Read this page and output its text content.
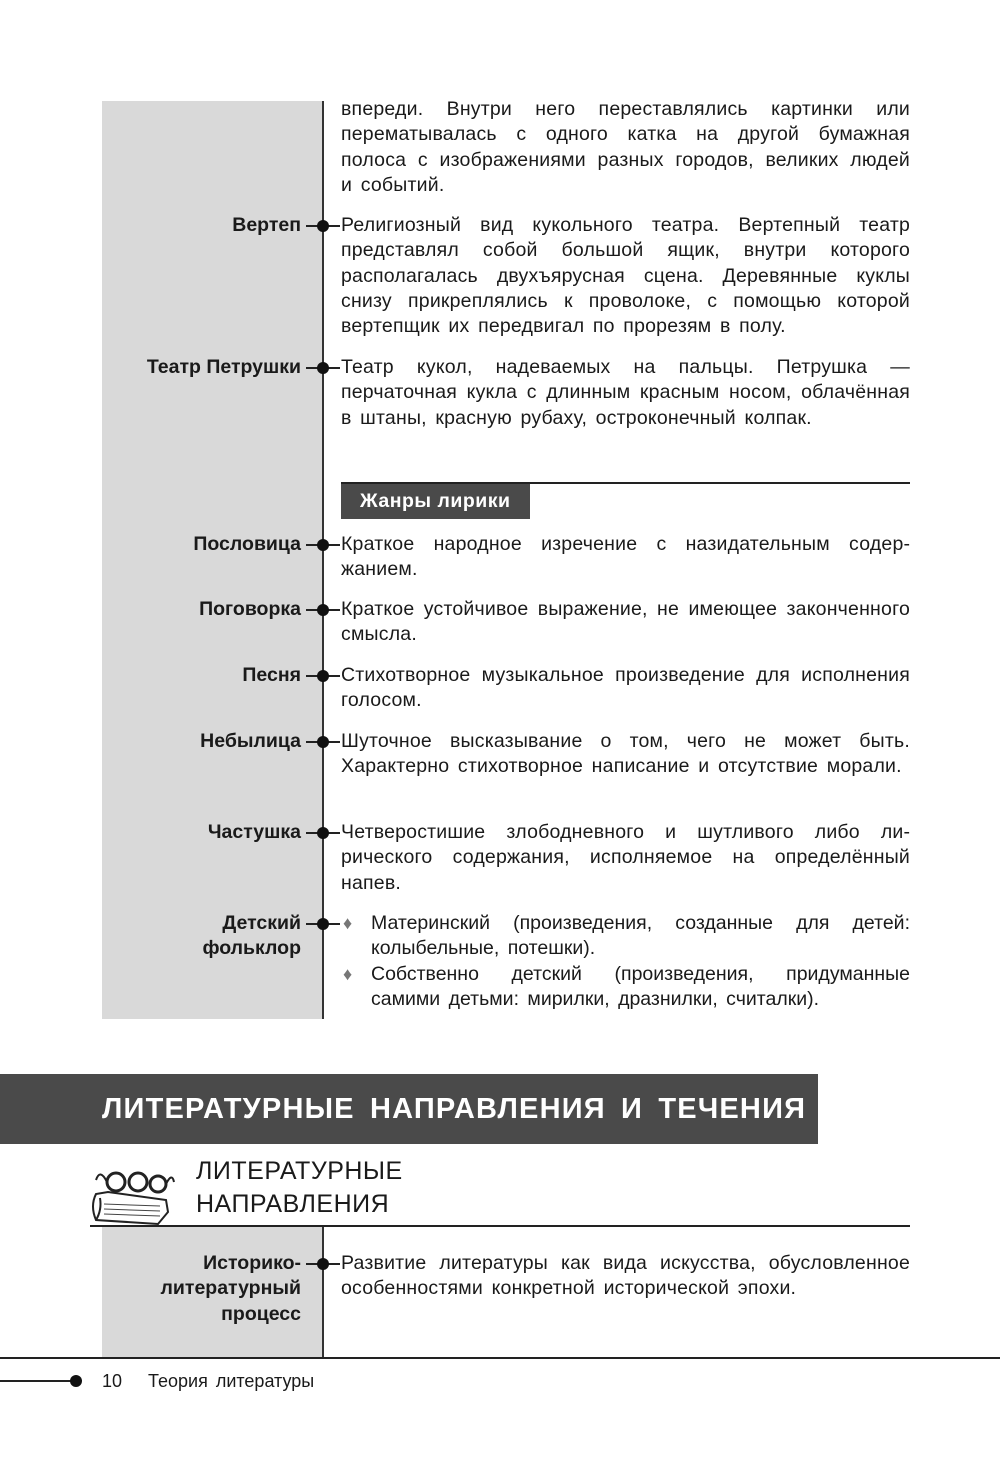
впереди. Внутри него переставлялись картинки или перематывалась с одного катка на другой бумажная полоса с изображениями разных городов, великих людей и событий.
Вертеп Религиозный вид кукольного театра. Вертепный театр представлял собой большой ящик, внутри которого располагалась двухъярусная сцена. Деревянные куклы снизу прикреплялись к проволоке, с помощью которой вертепщик их передвигал по прорезям в полу.
Театр Петрушки Театр кукол, надеваемых на пальцы. Петрушка — перчаточная кукла с длинным красным носом, облачённая в штаны, красную рубаху, остроконечный колпак.
Жанры лирики
Пословица Краткое народное изречение с назидательным содержанием.
Поговорка Краткое устойчивое выражение, не имеющее законченного смысла.
Песня Стихотворное музыкальное произведение для исполнения голосом.
Небылица Шуточное высказывание о том, чего не может быть. Характерно стихотворное написание и отсутствие морали.
Частушка Четверостишие злободневного и шутливого либо лирического содержания, исполняемое на определённый напев.
Детский
фольклор
♦ Материнский (произведения, созданные для детей: колыбельные, потешки).
♦ Собственно детский (произведения, придуманные самими детьми: мирилки, дразнилки, считалки).
ЛИТЕРАТУРНЫЕ НАПРАВЛЕНИЯ И ТЕЧЕНИЯ
ЛИТЕРАТУРНЫЕ
НАПРАВЛЕНИЯ
Историко-
литературный
процесс
Развитие литературы как вида искусства, обусловленное особенностями конкретной исторической эпохи.
10 Теория литературы
